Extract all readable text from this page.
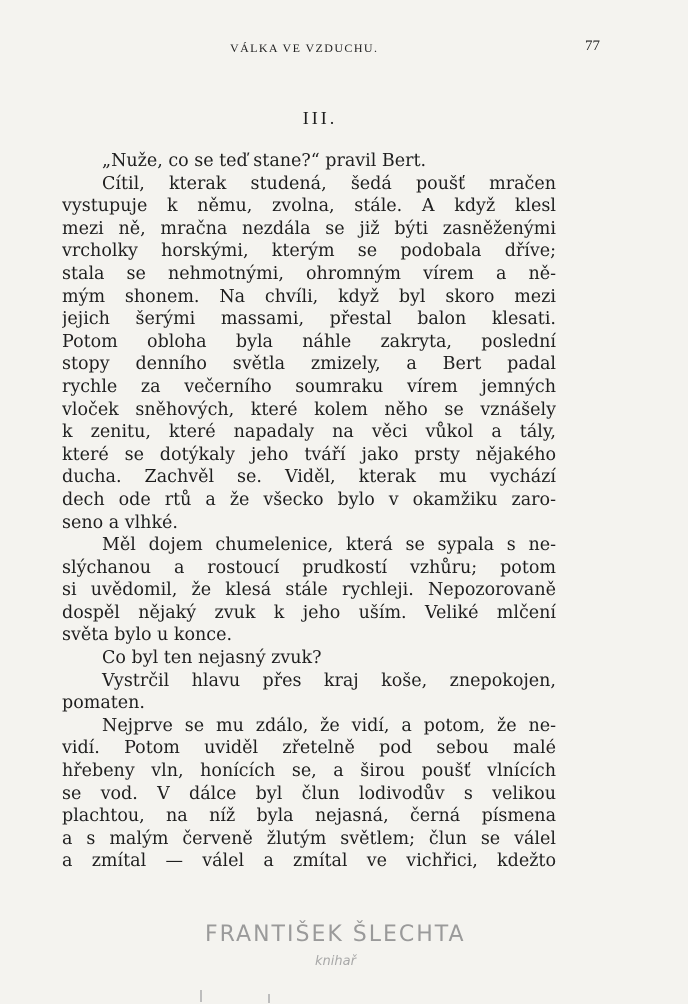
VÁLKA VE VZDUCHU.	77
III.
„Nuže, co se teď stane?“ pravil Bert.
Cítil, kterak studená, šedá poušť mračen
vystupuje k němu, zvolna, stále. A když klesl
mezi ně, mračna nezdála se již býti zasněženými
vrcholky horskými, kterým se podobala dříve;
stala se nehmotnými, ohromným vírem a ně-
mým shonem. Na chvíli, když byl skoro mezi
jejich šerými massami, přestal balon klesati.
Potom obloha byla náhle zakryta, poslední
stopy denního světla zmizely, a Bert padal
rychle za večerního soumraku vírem jemných
vloček sněhových, které kolem něho se vznášely
k zenitu, které napadaly na věci vůkol a tály,
které se dotýkaly jeho tváří jako prsty nějakého
ducha. Zachvěl se. Viděl, kterak mu vychází
dech ode rtů a že všecko bylo v okamžiku zaro-
seno a vlhké.
Měl dojem chumelenice, která se sypala s ne-
slýchanou a rostoucí prudkostí vzhůru; potom
si uvědomil, že klesá stále rychleji. Nepozorovaně
dospěl nějaký zvuk k jeho uším. Veliké mlčení
světa bylo u konce.
Co byl ten nejasný zvuk?
Vystrčil hlavu přes kraj koše, znepokojen,
pomaten.
Nejprve se mu zdálo, že vidí, a potom, že ne-
vidí. Potom uviděl zřetelně pod sebou malé
hřebeny vln, honících se, a širou poušť vlnících
se vod. V dálce byl člun lodivodův s velikou
plachtou, na níž byla nejasná, černá písmena
a s malým červeně žlutým světlem; člun se válel
a zmítal — válel a zmítal ve vichřici, kdežto
FRANTIŠEK ŠLECHTA
knihař
